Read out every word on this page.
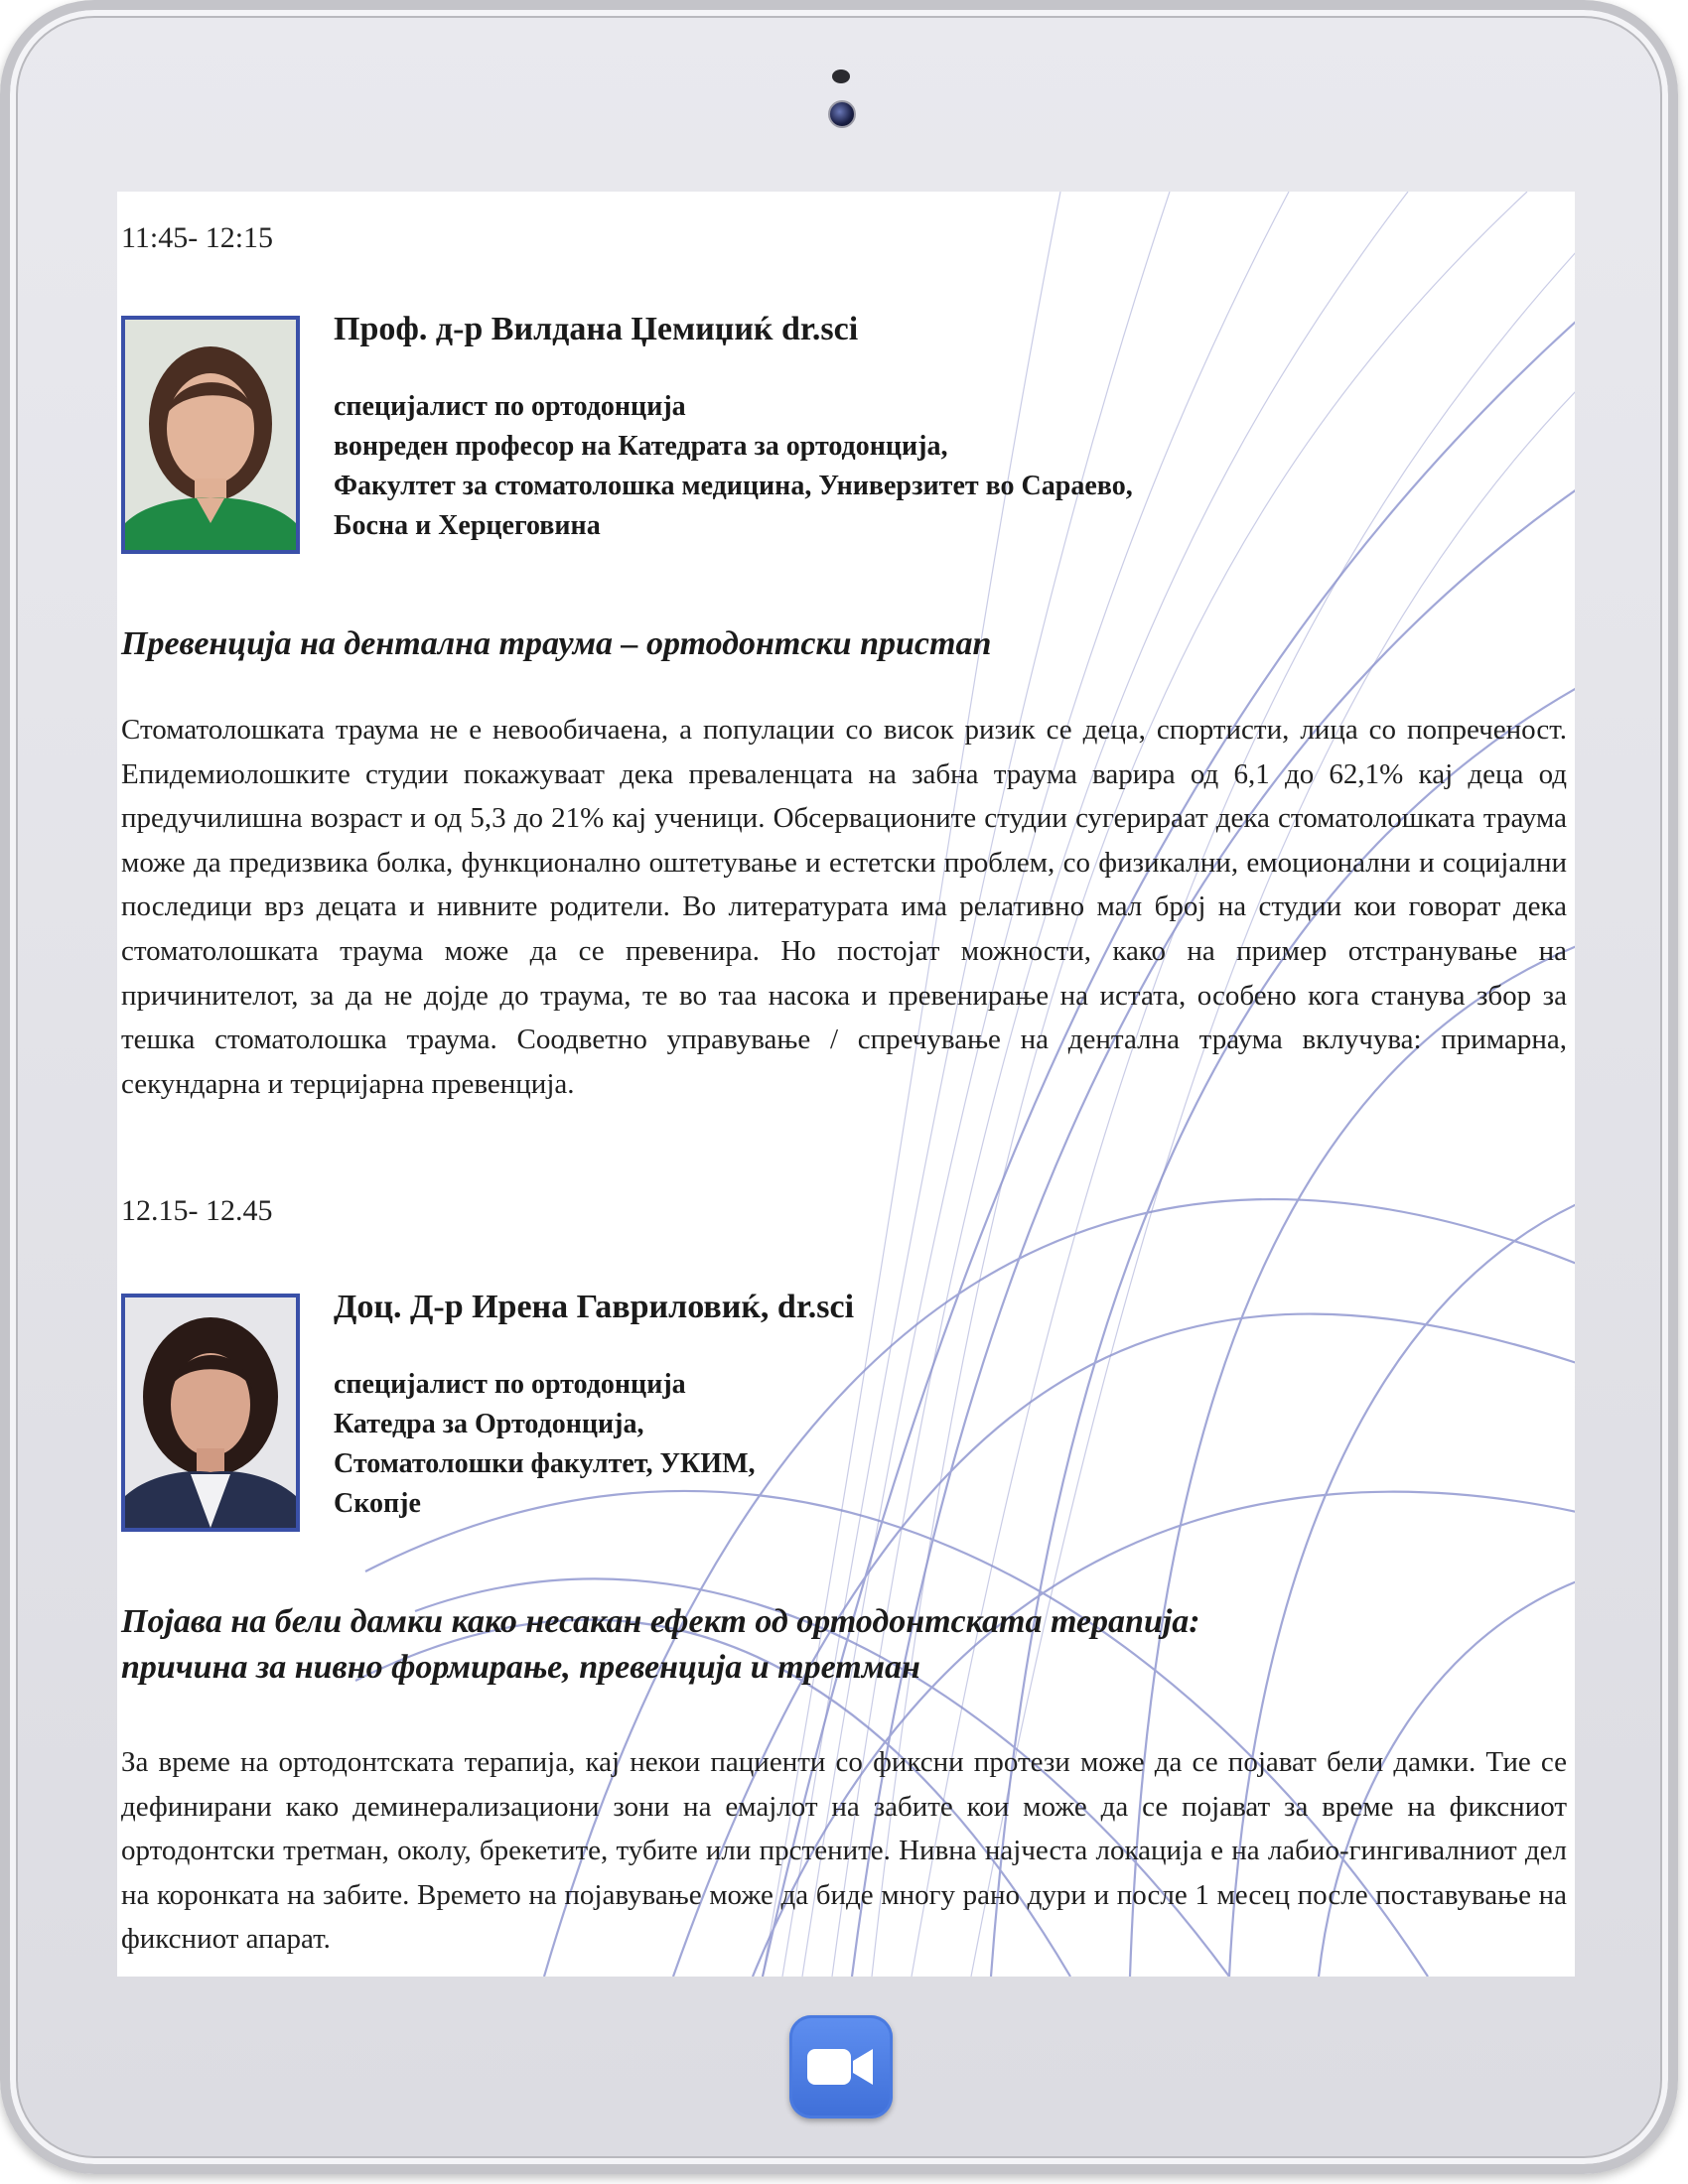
11:45- 12:15
Проф. д-р Вилдана Џемиџиќ dr.sci
специјалист по ортодонција
вонреден професор на Катедрата за ортодонција,
Факултет за стоматолошка медицина, Универзитет во Сараево,
Босна и Херцеговина
Превенција на дентална траума – ортодонтски пристап
Стоматолошката траума не е невообичаена, а популации со висок ризик се деца, спортисти, лица со попреченост. Епидемиолошките студии покажуваат дека преваленцата на забна траума варира од 6,1 до 62,1% кај деца од предучилишна возраст и од 5,3 до 21% кај ученици. Обсервационите студии сугерираат дека стоматолошката траума може да предизвика болка, функционално оштетување и естетски проблем, со физикални, емоционални и социјални последици врз децата и нивните родители. Во литературата има релативно мал број на студии кои говорат дека стоматолошката траума може да се превенира. Но постојат можности, како на пример отстранување на причинителот, за да не дојде до траума, те во таа насока и превенирање на истата, особено кога станува збор за тешка стоматолошка траума. Соодветно управување / спречување на дентална траума вклучува: примарна, секундарна и терцијарна превенција.
12.15- 12.45
Доц. Д-р Ирена Гавриловиќ, dr.sci
специјалист по ортодонција
Катедра за Ортодонција,
Стоматолошки факултет, УКИМ,
Скопје
Појава на бели дамки како несакан ефект од ортодонтската терапија:
причина за нивно формирање, превенција и третман
За време на ортодонтската терапија, кај некои пациенти со фиксни протези може да се појават бели дамки. Тие се дефинирани како деминерализациони зони на емајлот на забите кои може да се појават за време на фиксниот ортодонтски третман, околу, брекетите, тубите или прстените. Нивна најчеста локација е на лабио-гингивалниот дел на коронката на забите. Времето на појавување може да биде многу рано дури и после 1 месец после поставување на фиксниот апарат.
